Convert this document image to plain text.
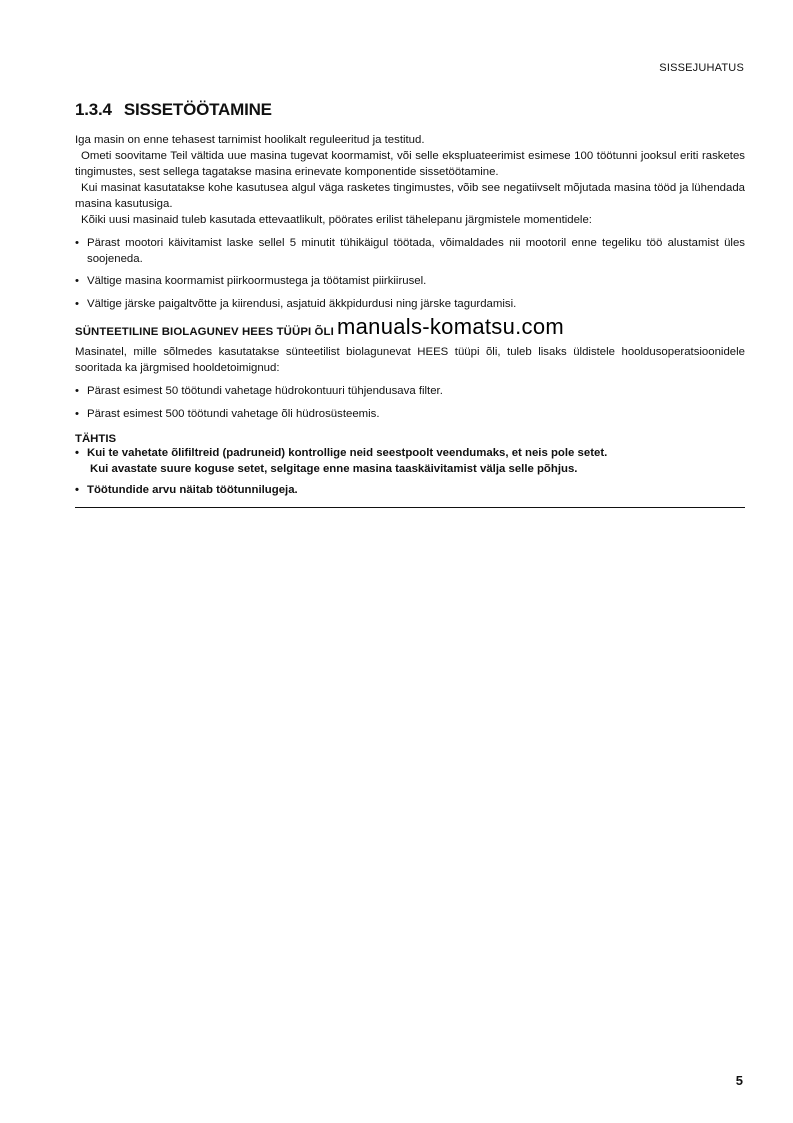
SISSEJUHATUS
1.3.4 SISSETÖÖTAMINE

Iga masin on enne tehasest tarnimist hoolikalt reguleeritud ja testitud.

Ometi soovitame Teil vältida uue masina tugevat koormamist, või selle ekspluateerimist esimese 100 töötunni jooksul eriti rasketes tingimustes, sest sellega tagatakse masina erinevate komponentide sissetöötamine.

Kui masinat kasutatakse kohe kasutusea algul väga rasketes tingimustes, võib see negatiivselt mõjutada masina tööd ja lühendada masina kasutusiga.

Kõiki uusi masinaid tuleb kasutada ettevaatlikult, pöörates erilist tähelepanu järgmistele momentidele:

• Pärast mootori käivitamist laske sellel 5 minutit tühikäigul töötada, võimaldades nii mootoril enne tegeliku töö alustamist üles soojeneda.
• Vältige masina koormamist piirkoormustega ja töötamist piirkiirusel.
• Vältige järske paigaltvõtte ja kiirendusi, asjatuid äkkpidurdusi ning järske tagurdamisi.
SÜNTEETILINE BIOLAGUNEV HEES TÜÜPI ÕLI

Masinatel, mille sõlmedes kasutatakse sünteetilist biolagunevat HEES tüüpi õli, tuleb lisaks üldistele hooldusoperatsioonidele sooritada ka järgmised hooldetoimignud:

• Pärast esimest 50 töötundi vahetage hüdrokontuuri tühjendusava filter.
• Pärast esimest 500 töötundi vahetage õli hüdrosüsteemis.

TÄHTIS

• Kui te vahetate õlifiltreid (padruneid) kontrollige neid seestpoolt veendumaks, et neis pole setet.
Kui avastate suure koguse setet, selgitage enne masina taaskäivitamist välja selle põhjus.
• Töötundide arvu näitab töötunnilugeja.
manuals-komatsu.com
5
